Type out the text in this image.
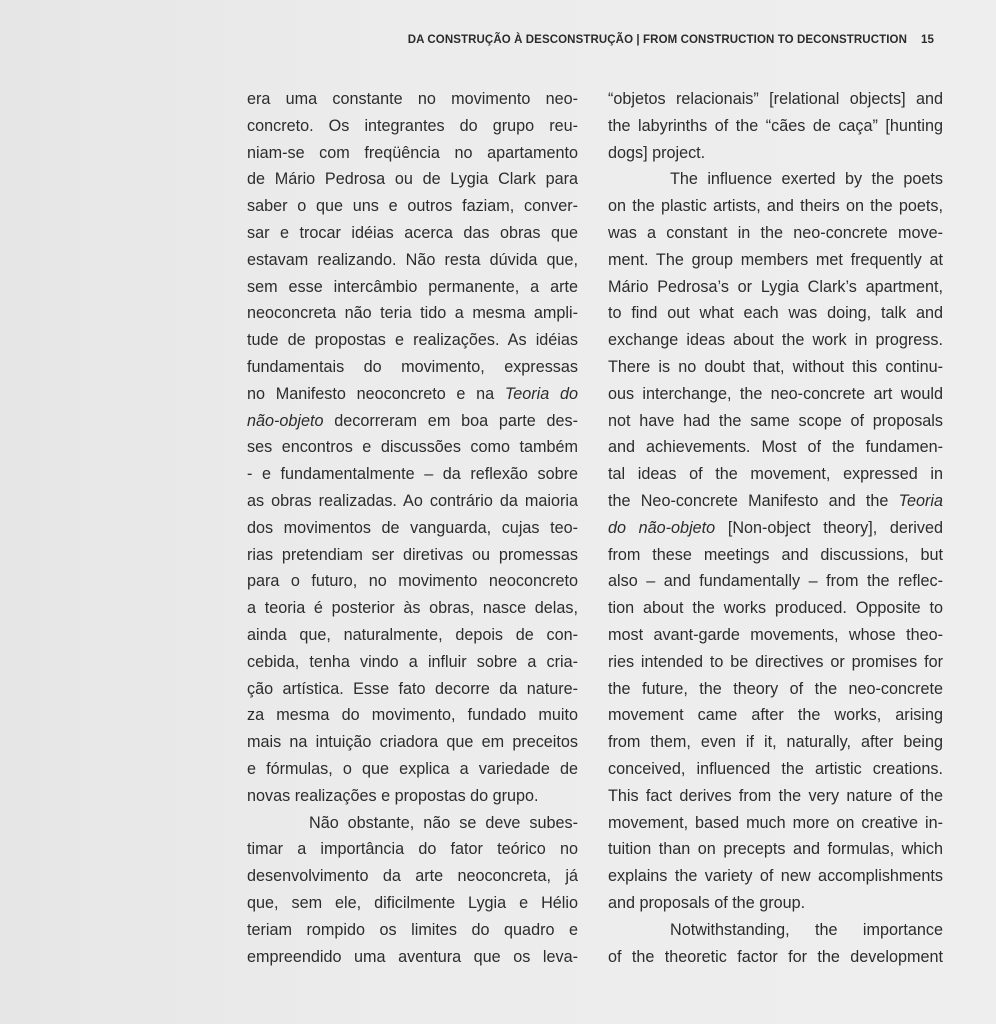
DA CONSTRUÇÃO À DESCONSTRUÇÃO | FROM CONSTRUCTION TO DECONSTRUCTION 15
era uma constante no movimento neo-
concreto. Os integrantes do grupo reu-
niam-se com freqüência no apartamento
de Mário Pedrosa ou de Lygia Clark para
saber o que uns e outros faziam, conver-
sar e trocar idéias acerca das obras que
estavam realizando. Não resta dúvida que,
sem esse intercâmbio permanente, a arte
neoconcreta não teria tido a mesma ampli-
tude de propostas e realizações. As idéias
fundamentais do movimento, expressas
no Manifesto neoconcreto e na Teoria do
não-objeto decorreram em boa parte des-
ses encontros e discussões como também
- e fundamentalmente – da reflexão sobre
as obras realizadas. Ao contrário da maioria
dos movimentos de vanguarda, cujas teo-
rias pretendiam ser diretivas ou promessas
para o futuro, no movimento neoconcreto
a teoria é posterior às obras, nasce delas,
ainda que, naturalmente, depois de con-
cebida, tenha vindo a influir sobre a cria-
ção artística. Esse fato decorre da nature-
za mesma do movimento, fundado muito
mais na intuição criadora que em preceitos
e fórmulas, o que explica a variedade de
novas realizações e propostas do grupo.
Não obstante, não se deve subes-
timar a importância do fator teórico no
desenvolvimento da arte neoconcreta, já
que, sem ele, dificilmente Lygia e Hélio
teriam rompido os limites do quadro e
empreendido uma aventura que os leva-
“objetos relacionais” [relational objects] and
the labyrinths of the “cães de caça” [hunting
dogs] project.
The influence exerted by the poets
on the plastic artists, and theirs on the poets,
was a constant in the neo-concrete move-
ment. The group members met frequently at
Mário Pedrosa’s or Lygia Clark’s apartment,
to find out what each was doing, talk and
exchange ideas about the work in progress.
There is no doubt that, without this continu-
ous interchange, the neo-concrete art would
not have had the same scope of proposals
and achievements. Most of the fundamen-
tal ideas of the movement, expressed in
the Neo-concrete Manifesto and the Teoria
do não-objeto [Non-object theory], derived
from these meetings and discussions, but
also – and fundamentally – from the reflec-
tion about the works produced. Opposite to
most avant-garde movements, whose theo-
ries intended to be directives or promises for
the future, the theory of the neo-concrete
movement came after the works, arising
from them, even if it, naturally, after being
conceived, influenced the artistic creations.
This fact derives from the very nature of the
movement, based much more on creative in-
tuition than on precepts and formulas, which
explains the variety of new accomplishments
and proposals of the group.
Notwithstanding, the importance
of the theoretic factor for the development
